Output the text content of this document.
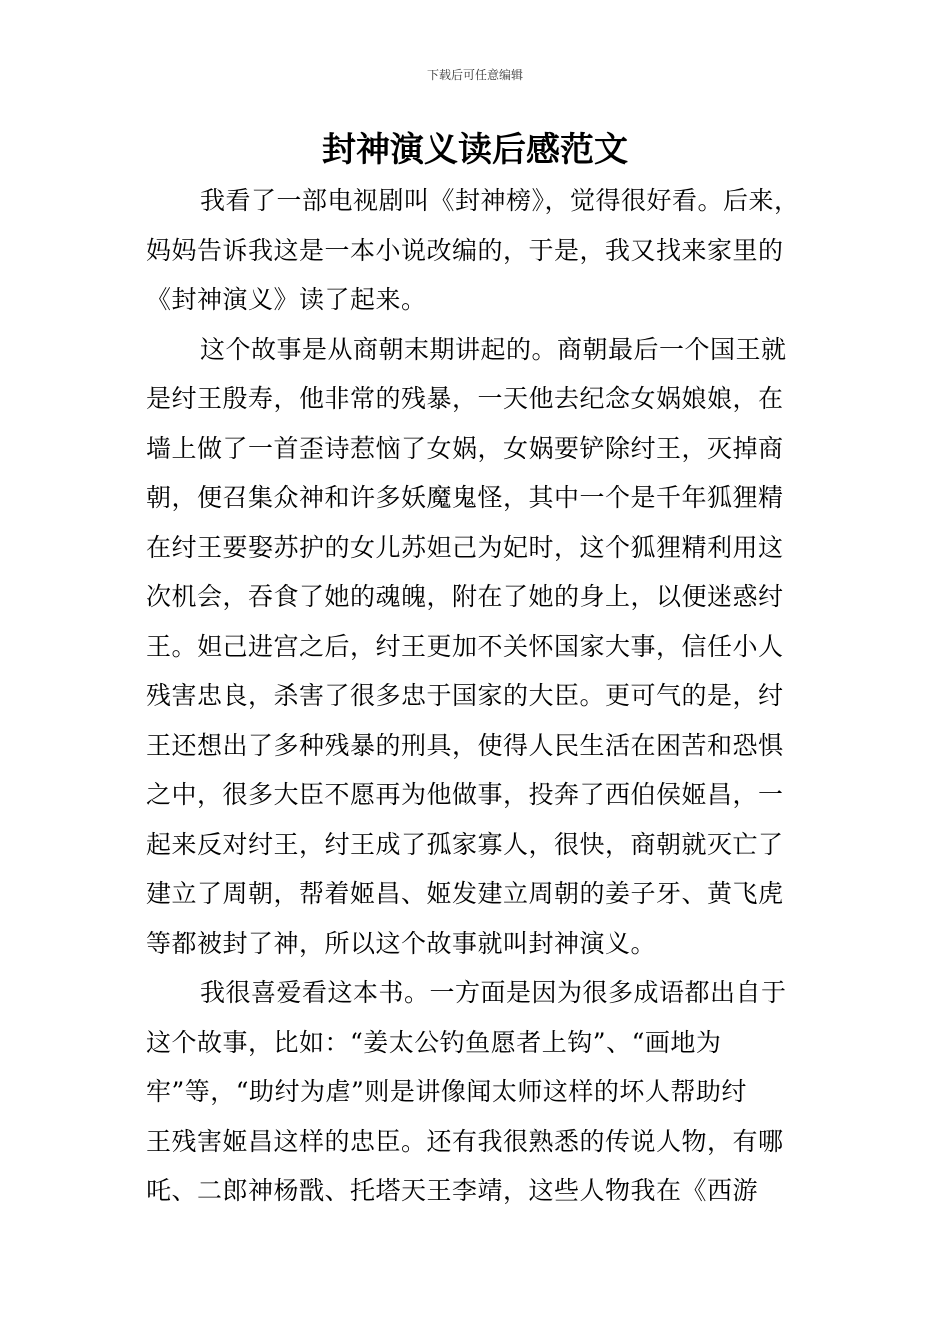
下载后可任意编辑
封神演义读后感范文
我看了一部电视剧叫《封神榜》，觉得很好看。后来，
妈妈告诉我这是一本小说改编的，于是，我又找来家里的
《封神演义》读了起来。
这个故事是从商朝末期讲起的。商朝最后一个国王就
是纣王殷寿，他非常的残暴，一天他去纪念女娲娘娘，在
墙上做了一首歪诗惹恼了女娲，女娲要铲除纣王，灭掉商
朝，便召集众神和许多妖魔鬼怪，其中一个是千年狐狸精
在纣王要娶苏护的女儿苏妲己为妃时，这个狐狸精利用这
次机会，吞食了她的魂魄，附在了她的身上，以便迷惑纣
王。妲己进宫之后，纣王更加不关怀国家大事，信任小人
残害忠良，杀害了很多忠于国家的大臣。更可气的是，纣
王还想出了多种残暴的刑具，使得人民生活在困苦和恐惧
之中，很多大臣不愿再为他做事，投奔了西伯侯姬昌，一
起来反对纣王，纣王成了孤家寡人，很快，商朝就灭亡了
建立了周朝，帮着姬昌、姬发建立周朝的姜子牙、黄飞虎
等都被封了神，所以这个故事就叫封神演义。
我很喜爱看这本书。一方面是因为很多成语都出自于
这个故事，比如：“姜太公钓鱼愿者上钩”、“画地为
牢”等，“助纣为虐”则是讲像闻太师这样的坏人帮助纣
王残害姬昌这样的忠臣。还有我很熟悉的传说人物，有哪
吒、二郎神杨戬、托塔天王李靖，这些人物我在《西游
